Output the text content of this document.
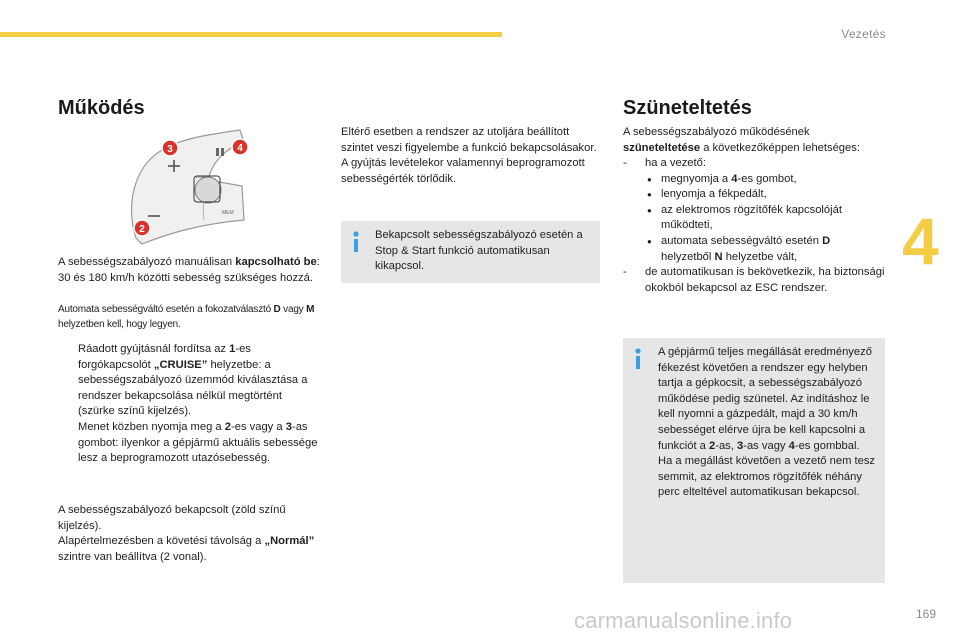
Vezetés
4
Működés
MEM
LIMIT
3	4
2
A sebességszabályozó manuálisan kapcsolható be: 30 és 180 km/h közötti sebesség szükséges hozzá.
Automata sebességváltó esetén a fokozatválasztó D vagy M helyzetben kell, hogy legyen.
Ráadott gyújtásnál fordítsa az 1-es forgókapcsolót „CRUISE” helyzetbe: a sebességszabályozó üzemmód kiválasztása a rendszer bekapcsolása nélkül megtörtént (szürke színű kijelzés).
Menet közben nyomja meg a 2-es vagy a 3-as gombot: ilyenkor a gépjármű aktuális sebessége lesz a beprogramozott utazósebesség.
A sebességszabályozó bekapcsolt (zöld színű kijelzés).
Alapértelmezésben a követési távolság a „Normál” szintre van beállítva (2 vonal).
Eltérő esetben a rendszer az utoljára beállított szintet veszi figyelembe a funkció bekapcsolásakor.
A gyújtás levételekor valamennyi beprogramozott sebességérték törlődik.
Bekapcsolt sebességszabályozó esetén a Stop & Start funkció automatikusan kikapcsol.
Szüneteltetés
A sebességszabályozó működésének szüneteltetése a következőképpen lehetséges:
- ha a vezető:
● megnyomja a 4-es gombot,
● lenyomja a fékpedált,
● az elektromos rögzítőfék kapcsolóját működteti,
● automata sebességváltó esetén D
helyzetből N helyzetbe vált,
- de automatikusan is bekövetkezik, ha biztonsági okokból bekapcsol az ESC rendszer.
A gépjármű teljes megállását eredményező fékezést követően a rendszer egy helyben tartja a gépkocsit, a sebességszabályozó működése pedig szünetel. Az indításhoz le kell nyomni a gázpedált, majd a 30 km/h sebességet elérve újra be kell kapcsolni a funkciót a 2-as, 3-as vagy 4-es gombbal.
Ha a megállást követően a vezető nem tesz semmit, az elektromos rögzítőfék néhány perc elteltével automatikusan bekapcsol.
carmanualsonline.info	169
